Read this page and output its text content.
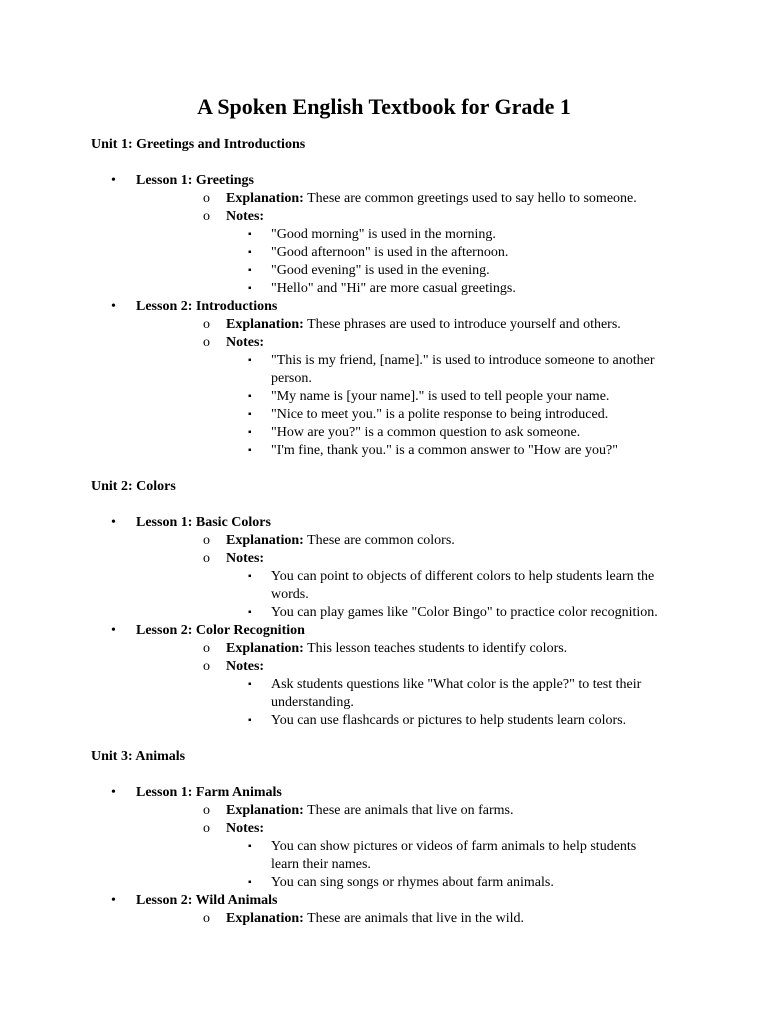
A Spoken English Textbook for Grade 1

Unit 1: Greetings and Introductions

•	Lesson 1: Greetings
o Explanation: These are common greetings used to say hello to someone.
o Notes:
▪ "Good morning" is used in the morning.
▪ "Good afternoon" is used in the afternoon.
▪ "Good evening" is used in the evening.
▪ "Hello" and "Hi" are more casual greetings.
•	Lesson 2: Introductions
o Explanation: These phrases are used to introduce yourself and others.
o Notes:
▪ "This is my friend, [name]." is used to introduce someone to another person.
▪ "My name is [your name]." is used to tell people your name.
▪ "Nice to meet you." is a polite response to being introduced.
▪ "How are you?" is a common question to ask someone.
▪ "I'm fine, thank you." is a common answer to "How are you?"

Unit 2: Colors

•	Lesson 1: Basic Colors
o Explanation: These are common colors.
o Notes:
▪ You can point to objects of different colors to help students learn the words.
▪ You can play games like "Color Bingo" to practice color recognition.
•	Lesson 2: Color Recognition
o Explanation: This lesson teaches students to identify colors.
o Notes:
▪ Ask students questions like "What color is the apple?" to test their understanding.
▪ You can use flashcards or pictures to help students learn colors.

Unit 3: Animals

•	Lesson 1: Farm Animals
o Explanation: These are animals that live on farms.
o Notes:
▪ You can show pictures or videos of farm animals to help students learn their names.
▪ You can sing songs or rhymes about farm animals.
•	Lesson 2: Wild Animals
o Explanation: These are animals that live in the wild.
